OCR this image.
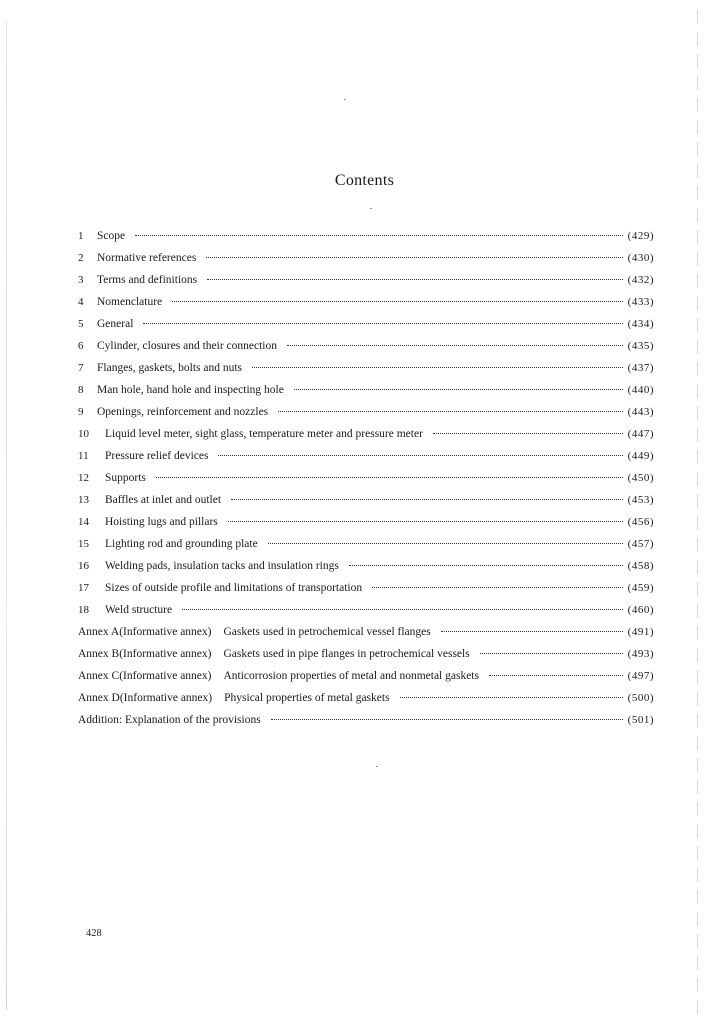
Contents
1	Scope	(429)
2	Normative references	(430)
3	Terms and definitions	(432)
4	Nomenclature	(433)
5	General	(434)
6	Cylinder, closures and their connection	(435)
7	Flanges, gaskets, bolts and nuts	(437)
8	Man hole, hand hole and inspecting hole	(440)
9	Openings, reinforcement and nozzles	(443)
10	Liquid level meter, sight glass, temperature meter and pressure meter	(447)
11	Pressure relief devices	(449)
12	Supports	(450)
13	Baffles at inlet and outlet	(453)
14	Hoisting lugs and pillars	(456)
15	Lighting rod and grounding plate	(457)
16	Welding pads, insulation tacks and insulation rings	(458)
17	Sizes of outside profile and limitations of transportation	(459)
18	Weld structure	(460)
Annex A(Informative annex)	Gaskets used in petrochemical vessel flanges	(491)
Annex B(Informative annex)	Gaskets used in pipe flanges in petrochemical vessels	(493)
Annex C(Informative annex)	Anticorrosion properties of metal and nonmetal gaskets	(497)
Annex D(Informative annex)	Physical properties of metal gaskets	(500)
Addition: Explanation of the provisions	(501)
428
